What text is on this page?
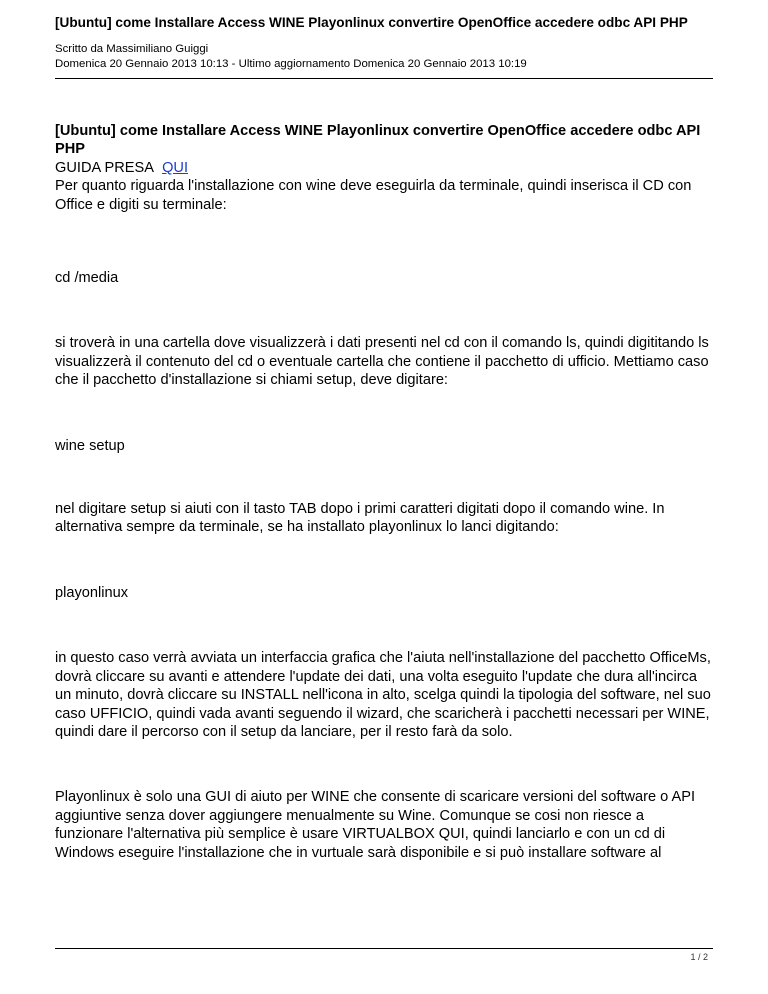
[Ubuntu] come Installare Access WINE Playonlinux convertire OpenOffice accedere odbc API PHP
Scritto da Massimiliano Guiggi
Domenica 20 Gennaio 2013 10:13 - Ultimo aggiornamento Domenica 20 Gennaio 2013 10:19
[Ubuntu] come Installare Access WINE Playonlinux convertire OpenOffice accedere odbc API PHP
GUIDA PRESA QUI

Per quanto riguarda l'installazione con wine deve eseguirla da terminale, quindi inserisca il CD con Office e digiti su terminale:

cd /media

si troverà in una cartella dove visualizzerà i dati presenti nel cd con il comando ls, quindi digititando ls visualizzerà il contenuto del cd o eventuale cartella che contiene il pacchetto di ufficio. Mettiamo caso che il pacchetto d'installazione si chiami setup, deve digitare:

wine setup

nel digitare setup si aiuti con il tasto TAB dopo i primi caratteri digitati dopo il comando wine. In alternativa sempre da terminale, se ha installato playonlinux lo lanci digitando:

playonlinux

in questo caso verrà avviata un interfaccia grafica che l'aiuta nell'installazione del pacchetto OfficeMs, dovrà cliccare su avanti e attendere l'update dei dati, una volta eseguito l'update che dura all'incirca un minuto, dovrà cliccare su INSTALL nell'icona in alto, scelga quindi la tipologia del software, nel suo caso UFFICIO, quindi vada avanti seguendo il wizard, che scaricherà i pacchetti necessari per WINE, quindi dare il percorso con il setup da lanciare, per il resto farà da solo.

Playonlinux è solo una GUI di aiuto per WINE che consente di scaricare versioni del software o API aggiuntive senza dover aggiungere menualmente su Wine. Comunque se cosi non riesce a funzionare l'alternativa più semplice è usare VIRTUALBOX QUI, quindi lanciarlo e con un cd di Windows eseguire l'installazione che in vurtuale sarà disponibile e si può installare software al

1 / 2
